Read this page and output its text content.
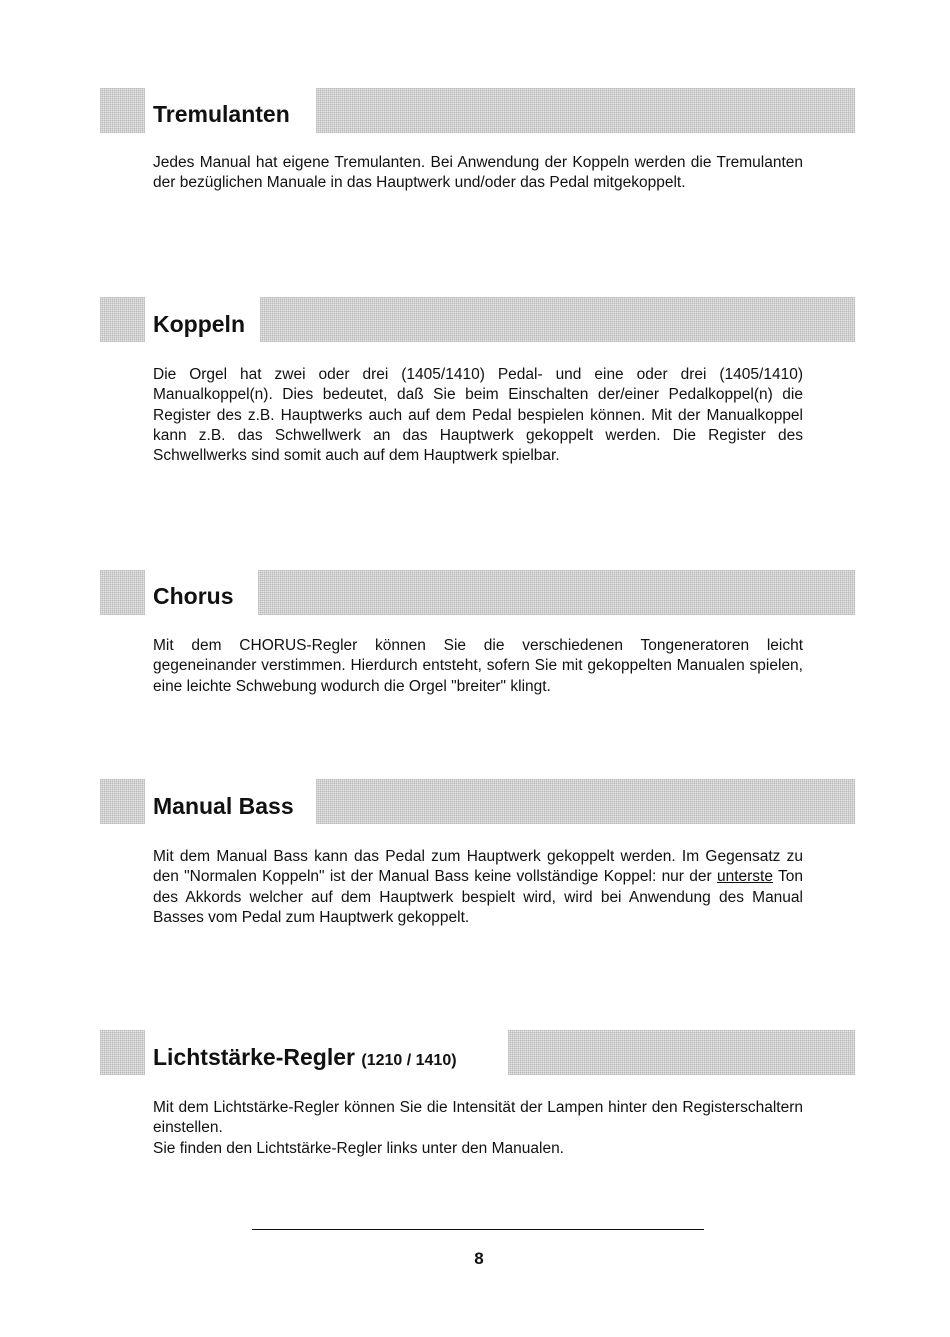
Tremulanten

Jedes Manual hat eigene Tremulanten. Bei Anwendung der Koppeln werden die Tremulanten der bezüglichen Manuale in das Hauptwerk und/oder das Pedal mitgekoppelt.

Koppeln

Die Orgel hat zwei oder drei (1405/1410) Pedal- und eine oder drei (1405/1410) Manualkoppel(n). Dies bedeutet, daß Sie beim Einschalten der/einer Pedalkoppel(n) die Register des z.B. Hauptwerks auch auf dem Pedal bespielen können. Mit der Manualkoppel kann z.B. das Schwellwerk an das Hauptwerk gekoppelt werden. Die Register des Schwellwerks sind somit auch auf dem Hauptwerk spielbar.

Chorus

Mit dem CHORUS-Regler können Sie die verschiedenen Tongeneratoren leicht gegeneinander verstimmen. Hierdurch entsteht, sofern Sie mit gekoppelten Manualen spielen, eine leichte Schwebung wodurch die Orgel "breiter" klingt.

Manual Bass

Mit dem Manual Bass kann das Pedal zum Hauptwerk gekoppelt werden. Im Gegensatz zu den "Normalen Koppeln" ist der Manual Bass keine vollständige Koppel: nur der unterste Ton des Akkords welcher auf dem Hauptwerk bespielt wird, wird bei Anwendung des Manual Basses vom Pedal zum Hauptwerk gekoppelt.

Lichtstärke-Regler (1210 / 1410)

Mit dem Lichtstärke-Regler können Sie die Intensität der Lampen hinter den Registerschaltern einstellen.

Sie finden den Lichtstärke-Regler links unter den Manualen.

8
